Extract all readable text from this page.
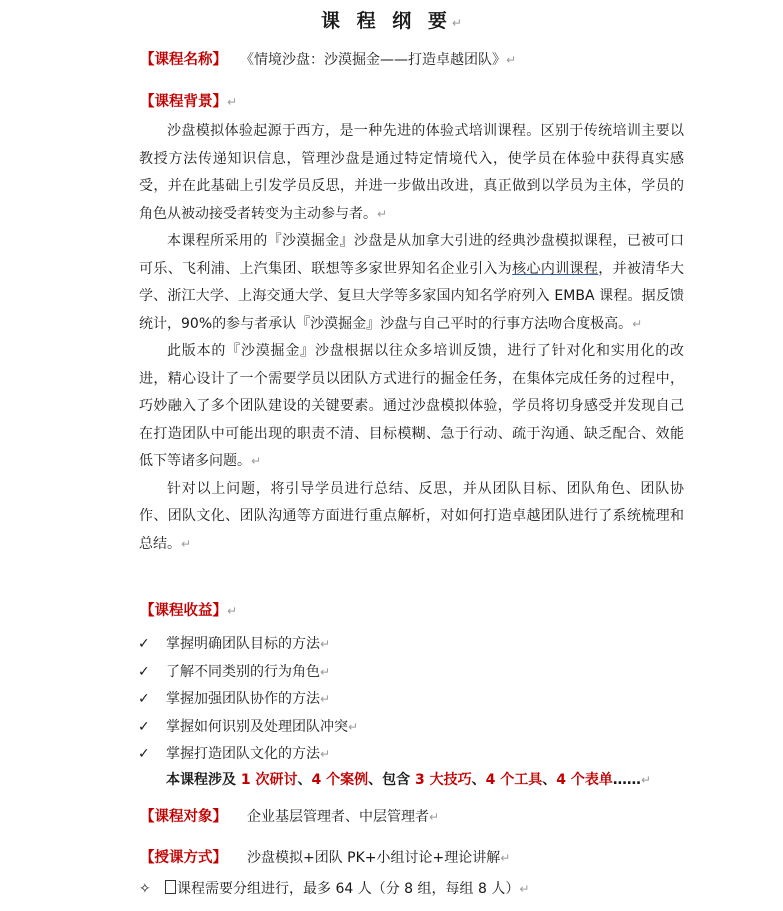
课 程 纲 要↵
【课程名称】 《情境沙盘：沙漠掘金——打造卓越团队》↵
【课程背景】↵

沙盘模拟体验起源于西方，是一种先进的体验式培训课程。区别于传统培训主要以教授方法传递知识信息，管理沙盘是通过特定情境代入，使学员在体验中获得真实感受，并在此基础上引发学员反思，并进一步做出改进，真正做到以学员为主体，学员的角色从被动接受者转变为主动参与者。↵

本课程所采用的『沙漠掘金』沙盘是从加拿大引进的经典沙盘模拟课程，已被可口可乐、飞利浦、上汽集团、联想等多家世界知名企业引入为核心内训课程，并被清华大学、浙江大学、上海交通大学、复旦大学等多家国内知名学府列入 EMBA 课程。据反馈统计，90%的参与者承认『沙漠掘金』沙盘与自己平时的行事方法吻合度极高。↵

此版本的『沙漠掘金』沙盘根据以往众多培训反馈，进行了针对化和实用化的改进，精心设计了一个需要学员以团队方式进行的掘金任务，在集体完成任务的过程中，巧妙融入了多个团队建设的关键要素。通过沙盘模拟体验，学员将切身感受并发现自己在打造团队中可能出现的职责不清、目标模糊、急于行动、疏于沟通、缺乏配合、效能低下等诸多问题。↵

针对以上问题，将引导学员进行总结、反思，并从团队目标、团队角色、团队协作、团队文化、团队沟通等方面进行重点解析，对如何打造卓越团队进行了系统梳理和总结。↵

【课程收益】↵
✓ 掌握明确团队目标的方法↵
✓ 了解不同类别的行为角色↵
✓ 掌握加强团队协作的方法↵
✓ 掌握如何识别及处理团队冲突↵
✓ 掌握打造团队文化的方法↵
本课程涉及 1 次研讨、4 个案例、包含 3 大技巧、4 个工具、4 个表单……↵
【课程对象】 企业基层管理者、中层管理者↵
【授课方式】 沙盘模拟+团队 PK+小组讨论+理论讲解↵
✧ 课程需要分组进行，最多 64 人（分 8 组，每组 8 人）↵
